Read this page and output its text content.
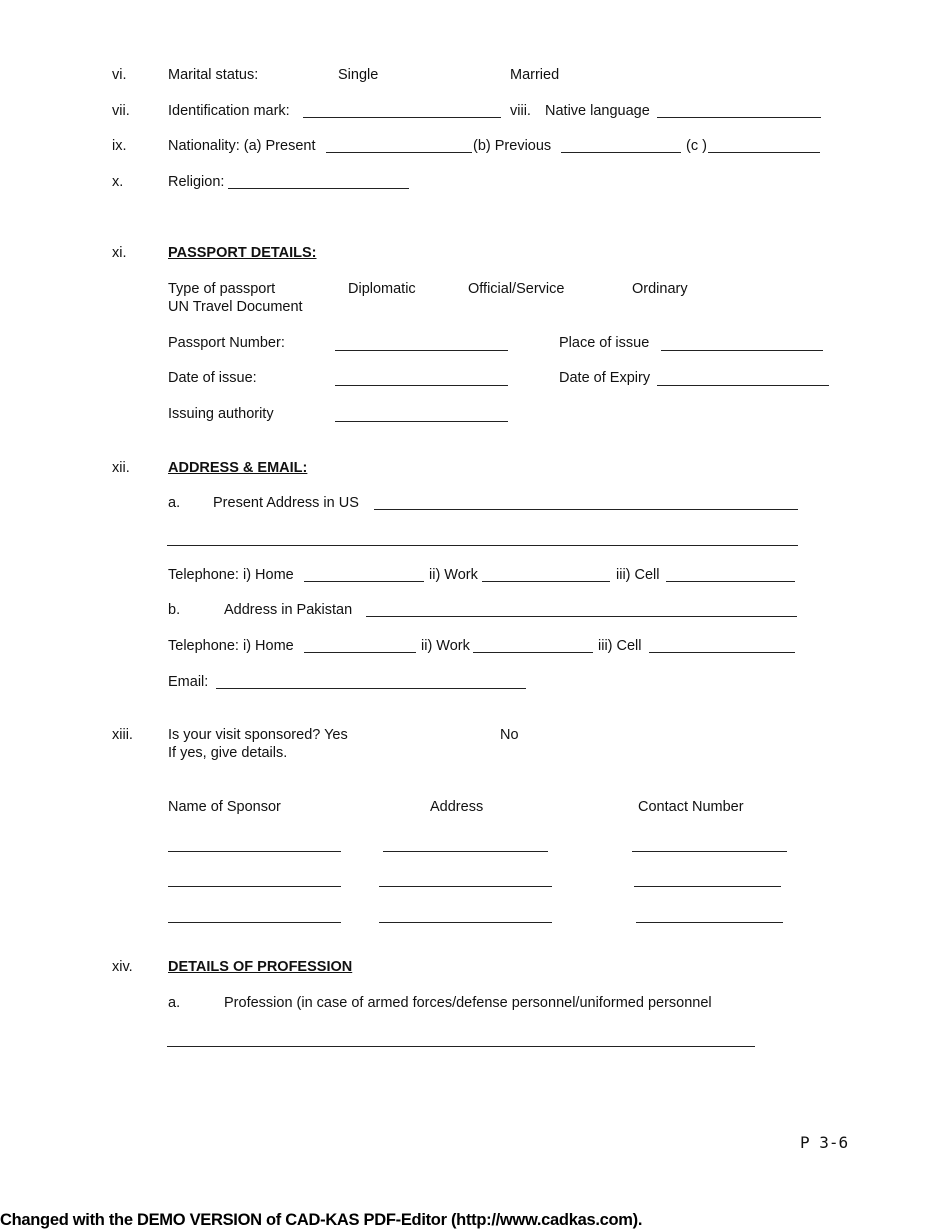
vi.	Marital status:	Single	Married
vii.	Identification mark:	viii. Native language
ix.	Nationality: (a) Present	(b) Previous	(c )
x.	Religion:
xi.	PASSPORT DETAILS:
Type of passport	Diplomatic	Official/Service	Ordinary
UN Travel Document
Passport Number:	Place of issue
Date of issue:	Date of Expiry
Issuing authority
xii.	ADDRESS & EMAIL:
a. Present Address in US
Telephone: i) Home	ii) Work	iii) Cell
b.	Address in Pakistan
Telephone: i) Home	ii) Work	iii) Cell
Email:
xiii. Is your visit sponsored? Yes	No
If yes, give details.
Name of Sponsor	Address	Contact Number
xiv. DETAILS OF PROFESSION
a.	Profession (in case of armed forces/defense personnel/uniformed personnel
P 3-6
Changed with the DEMO VERSION of CAD-KAS PDF-Editor (http://www.cadkas.com).
